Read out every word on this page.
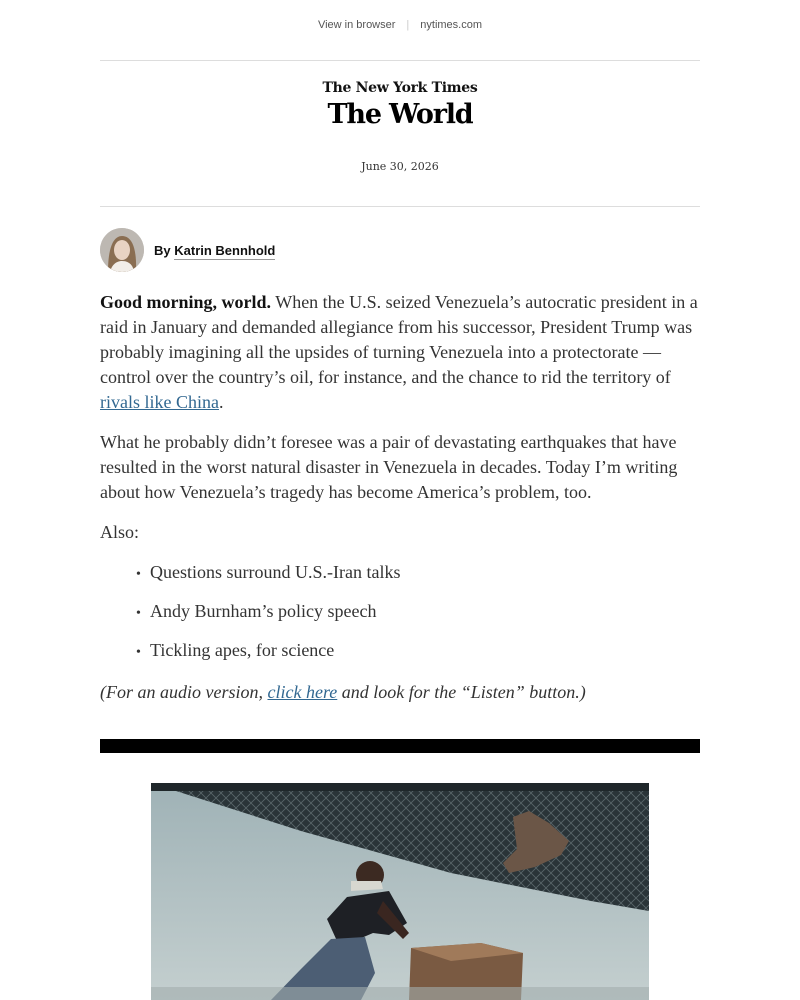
View in browser | nytimes.com
The New York Times
The World
June 30, 2026
By Katrin Bennhold

Good morning, world. When the U.S. seized Venezuela’s autocratic president in a raid in January and demanded allegiance from his successor, President Trump was probably imagining all the upsides of turning Venezuela into a protectorate — control over the country’s oil, for instance, and the chance to rid the territory of rivals like China.

What he probably didn’t foresee was a pair of devastating earthquakes that have resulted in the worst natural disaster in Venezuela in decades. Today I’m writing about how Venezuela’s tragedy has become America’s problem, too.

Also:

• Questions surround U.S.-Iran talks
• Andy Burnham’s policy speech
• Tickling apes, for science

(For an audio version, click here and look for the “Listen” button.)
